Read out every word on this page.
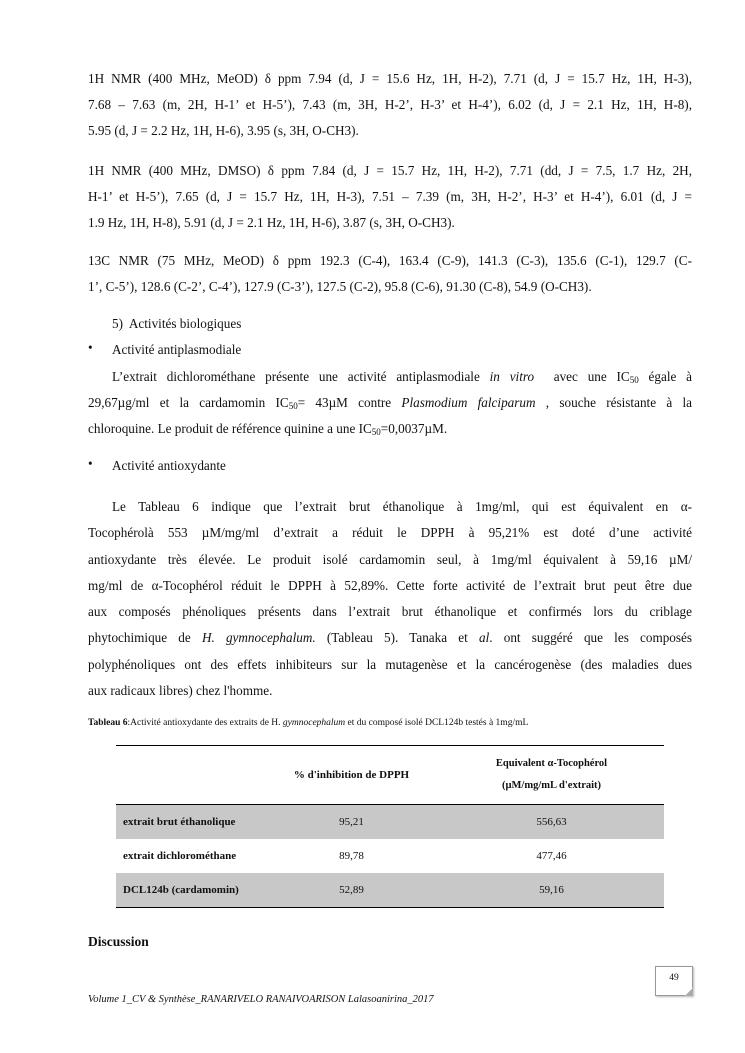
1H NMR (400 MHz, MeOD) δ ppm 7.94 (d, J = 15.6 Hz, 1H, H-2), 7.71 (d, J = 15.7 Hz, 1H, H-3),
7.68 – 7.63 (m, 2H, H-1’ et H-5’), 7.43 (m, 3H, H-2’, H-3’ et H-4’), 6.02 (d, J = 2.1 Hz, 1H, H-8),
5.95 (d, J = 2.2 Hz, 1H, H-6), 3.95 (s, 3H, O-CH3).
1H NMR (400 MHz, DMSO) δ ppm 7.84 (d, J = 15.7 Hz, 1H, H-2), 7.71 (dd, J = 7.5, 1.7 Hz, 2H,
H-1’ et H-5’), 7.65 (d, J = 15.7 Hz, 1H, H-3), 7.51 – 7.39 (m, 3H, H-2’, H-3’ et H-4’), 6.01 (d, J =
1.9 Hz, 1H, H-8), 5.91 (d, J = 2.1 Hz, 1H, H-6), 3.87 (s, 3H, O-CH3).
13C NMR (75 MHz, MeOD) δ ppm 192.3 (C-4), 163.4 (C-9), 141.3 (C-3), 135.6 (C-1), 129.7 (C-
1’, C-5’), 128.6 (C-2’, C-4’), 127.9 (C-3’), 127.5 (C-2), 95.8 (C-6), 91.30 (C-8), 54.9 (O-CH3).
5) Activités biologiques
• Activité antiplasmodiale
L’extrait dichlorométhane présente une activité antiplasmodiale in vitro avec une $IC_{50}$ égale à
29,67µg/ml et la cardamomin $IC_{50}= 43\mu M$ contre Plasmodium falciparum , souche résistante à la
chloroquine. Le produit de référence quinine a une $IC_{50}=0,0037\mu M$.
• Activité antioxydante
Le Tableau 6 indique que l’extrait brut éthanolique à 1mg/ml, qui est équivalent en α-
Tocophérolà 553 µM/mg/ml d’extrait a réduit le DPPH à 95,21% est doté d’une activité
antioxydante très élevée. Le produit isolé cardamomin seul, à 1mg/ml équivalent à 59,16 µM/
mg/ml de α-Tocophérol réduit le DPPH à 52,89%. Cette forte activité de l’extrait brut peut être due
aux composés phénoliques présents dans l’extrait brut éthanolique et confirmés lors du criblage
phytochimique de H. gymnocephalum. (Tableau 5). Tanaka et al. ont suggéré que les composés
polyphénoliques ont des effets inhibiteurs sur la mutagenèse et la cancérogenèse (des maladies dues
aux radicaux libres) chez l'homme.
Tableau 6:Activité antioxydante des extraits de H. gymnocephalum et du composé isolé DCL124b testés à 1mg/mL
	% d'inhibition de DPPH	Equivalent α-Tocophérol
(µM/mg/mL d'extrait)

extrait brut éthanolique	95,21	556,63
extrait dichlorométhane	89,78	477,46
DCL124b (cardamomin)	52,89	59,16
Discussion
49
Volume 1_CV & Synthèse_RANARIVELO RANAIVOARISON Lalasoanirina_2017
